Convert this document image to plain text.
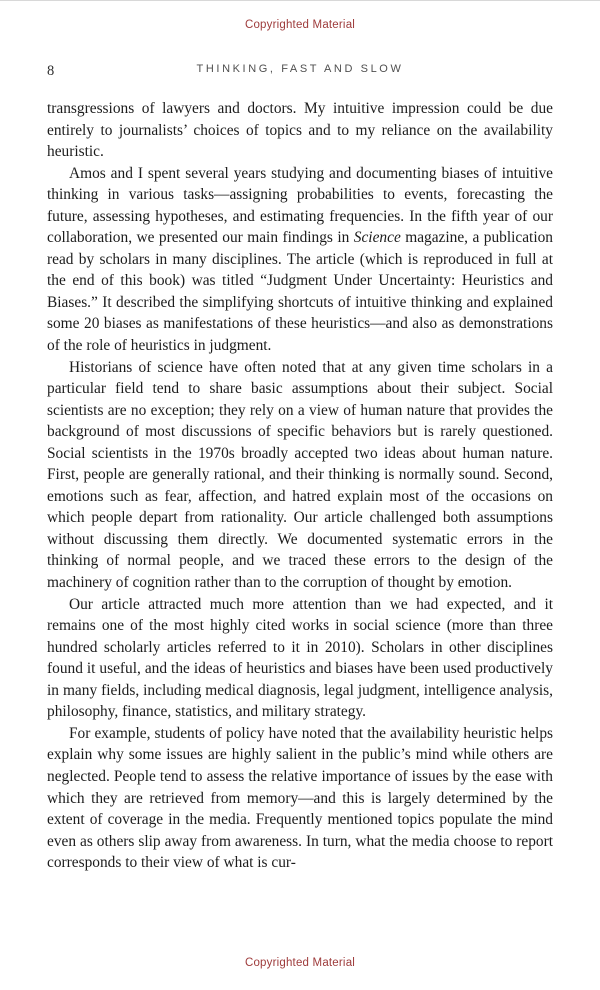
Copyrighted Material
8	THINKING, FAST AND SLOW

transgressions of lawyers and doctors. My intuitive impression could be due entirely to journalists’ choices of topics and to my reliance on the availability heuristic.

Amos and I spent several years studying and documenting biases of intuitive thinking in various tasks—assigning probabilities to events, forecasting the future, assessing hypotheses, and estimating frequencies. In the fifth year of our collaboration, we presented our main findings in Science magazine, a publication read by scholars in many disciplines. The article (which is reproduced in full at the end of this book) was titled “Judgment Under Uncertainty: Heuristics and Biases.” It described the simplifying shortcuts of intuitive thinking and explained some 20 biases as manifestations of these heuristics—and also as demonstrations of the role of heuristics in judgment.

Historians of science have often noted that at any given time scholars in a particular field tend to share basic assumptions about their subject. Social scientists are no exception; they rely on a view of human nature that provides the background of most discussions of specific behaviors but is rarely questioned. Social scientists in the 1970s broadly accepted two ideas about human nature. First, people are generally rational, and their thinking is normally sound. Second, emotions such as fear, affection, and hatred explain most of the occasions on which people depart from rationality. Our article challenged both assumptions without discussing them directly. We documented systematic errors in the thinking of normal people, and we traced these errors to the design of the machinery of cognition rather than to the corruption of thought by emotion.

Our article attracted much more attention than we had expected, and it remains one of the most highly cited works in social science (more than three hundred scholarly articles referred to it in 2010). Scholars in other disciplines found it useful, and the ideas of heuristics and biases have been used productively in many fields, including medical diagnosis, legal judgment, intelligence analysis, philosophy, finance, statistics, and military strategy.

For example, students of policy have noted that the availability heuristic helps explain why some issues are highly salient in the public’s mind while others are neglected. People tend to assess the relative importance of issues by the ease with which they are retrieved from memory—and this is largely determined by the extent of coverage in the media. Frequently mentioned topics populate the mind even as others slip away from awareness. In turn, what the media choose to report corresponds to their view of what is cur-

Copyrighted Material
